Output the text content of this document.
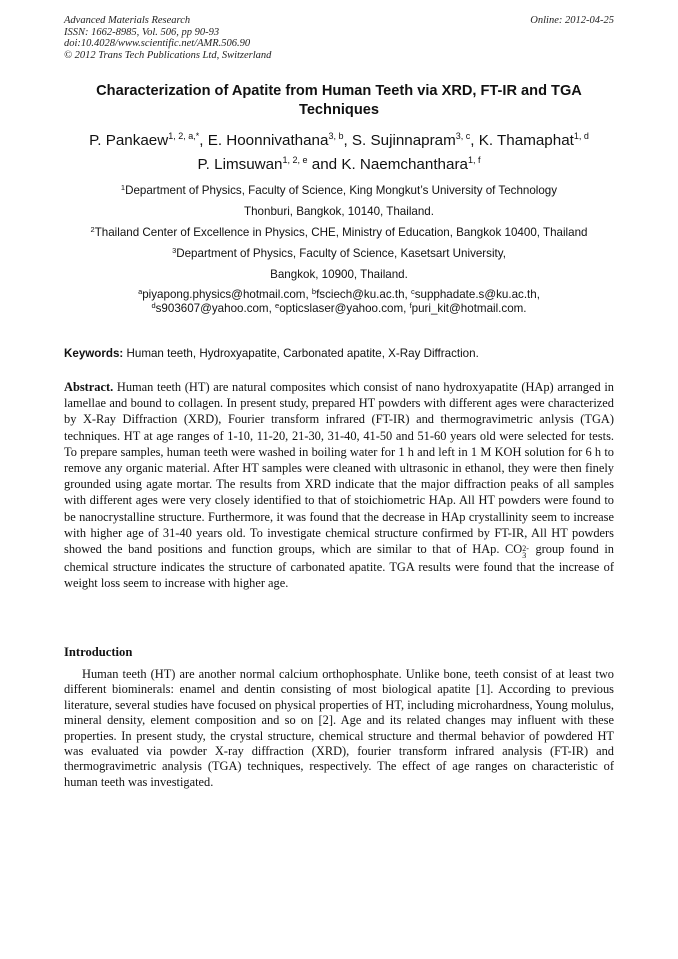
Advanced Materials Research
ISSN: 1662-8985, Vol. 506, pp 90-93
doi:10.4028/www.scientific.net/AMR.506.90
© 2012 Trans Tech Publications Ltd, Switzerland
Online: 2012-04-25
Characterization of Apatite from Human Teeth via XRD, FT-IR and TGA Techniques

P. Pankaew$^{1, 2, a,*}$, E. Hoonnivathana$^{3, b}$, S. Sujinnapram$^{3, c}$, K. Thamaphat$^{1, d}$
P. Limsuwan$^{1, 2, e}$ and K. Naemchanthara$^{1, f}$

$^1$Department of Physics, Faculty of Science, King Mongkut’s University of Technology
Thonburi, Bangkok, 10140, Thailand.
$^2$Thailand Center of Excellence in Physics, CHE, Ministry of Education, Bangkok 10400, Thailand
$^3$Department of Physics, Faculty of Science, Kasetsart University,
Bangkok, 10900, Thailand.
$^a$piyapong.physics@hotmail.com, $^b$fsciech@ku.ac.th, $^c$supphadate.s@ku.ac.th,
$^d$s903607@yahoo.com, $^e$opticslaser@yahoo.com, $^f$puri_kit@hotmail.com.

Keywords: Human teeth, Hydroxyapatite, Carbonated apatite, X-Ray Diffraction.

Abstract. Human teeth (HT) are natural composites which consist of nano hydroxyapatite (HAp) arranged in lamellae and bound to collagen. In present study, prepared HT powders with different ages were characterized by X-Ray Diffraction (XRD), Fourier transform infrared (FT-IR) and thermogravimetric anlysis (TGA) techniques. HT at age ranges of 1-10, 11-20, 21-30, 31-40, 41-50 and 51-60 years old were selected for tests. To prepare samples, human teeth were washed in boiling water for 1 h and left in 1 M KOH solution for 6 h to remove any organic material. After HT samples were cleaned with ultrasonic in ethanol, they were then finely grounded using agate mortar. The results from XRD indicate that the major diffraction peaks of all samples with different ages were very closely identified to that of stoichiometric HAp. All HT powders were found to be nanocrystalline structure. Furthermore, it was found that the decrease in HAp crystallinity seem to increase with higher age of 31-40 years old. To investigate chemical structure confirmed by FT-IR, All HT powders showed the band positions and function groups, which are similar to that of HAp. CO 2-
3 group found in chemical structure indicates the structure of carbonated apatite. TGA results were found that the increase of weight loss seem to increase with higher age.

Introduction

Human teeth (HT) are another normal calcium orthophosphate. Unlike bone, teeth consist of at least two different biominerals: enamel and dentin consisting of most biological apatite [1]. According to previous literature, several studies have focused on physical properties of HT, including microhardness, Young molulus, mineral density, element composition and so on [2]. Age and its related changes may influent with these properties. In present study, the crystal structure, chemical structure and thermal behavior of powdered HT was evaluated via powder X-ray diffraction (XRD), fourier transform infrared analysis (FT-IR) and thermogravimetric analysis (TGA) techniques, respectively. The effect of age ranges on characteristic of human teeth was investigated.
